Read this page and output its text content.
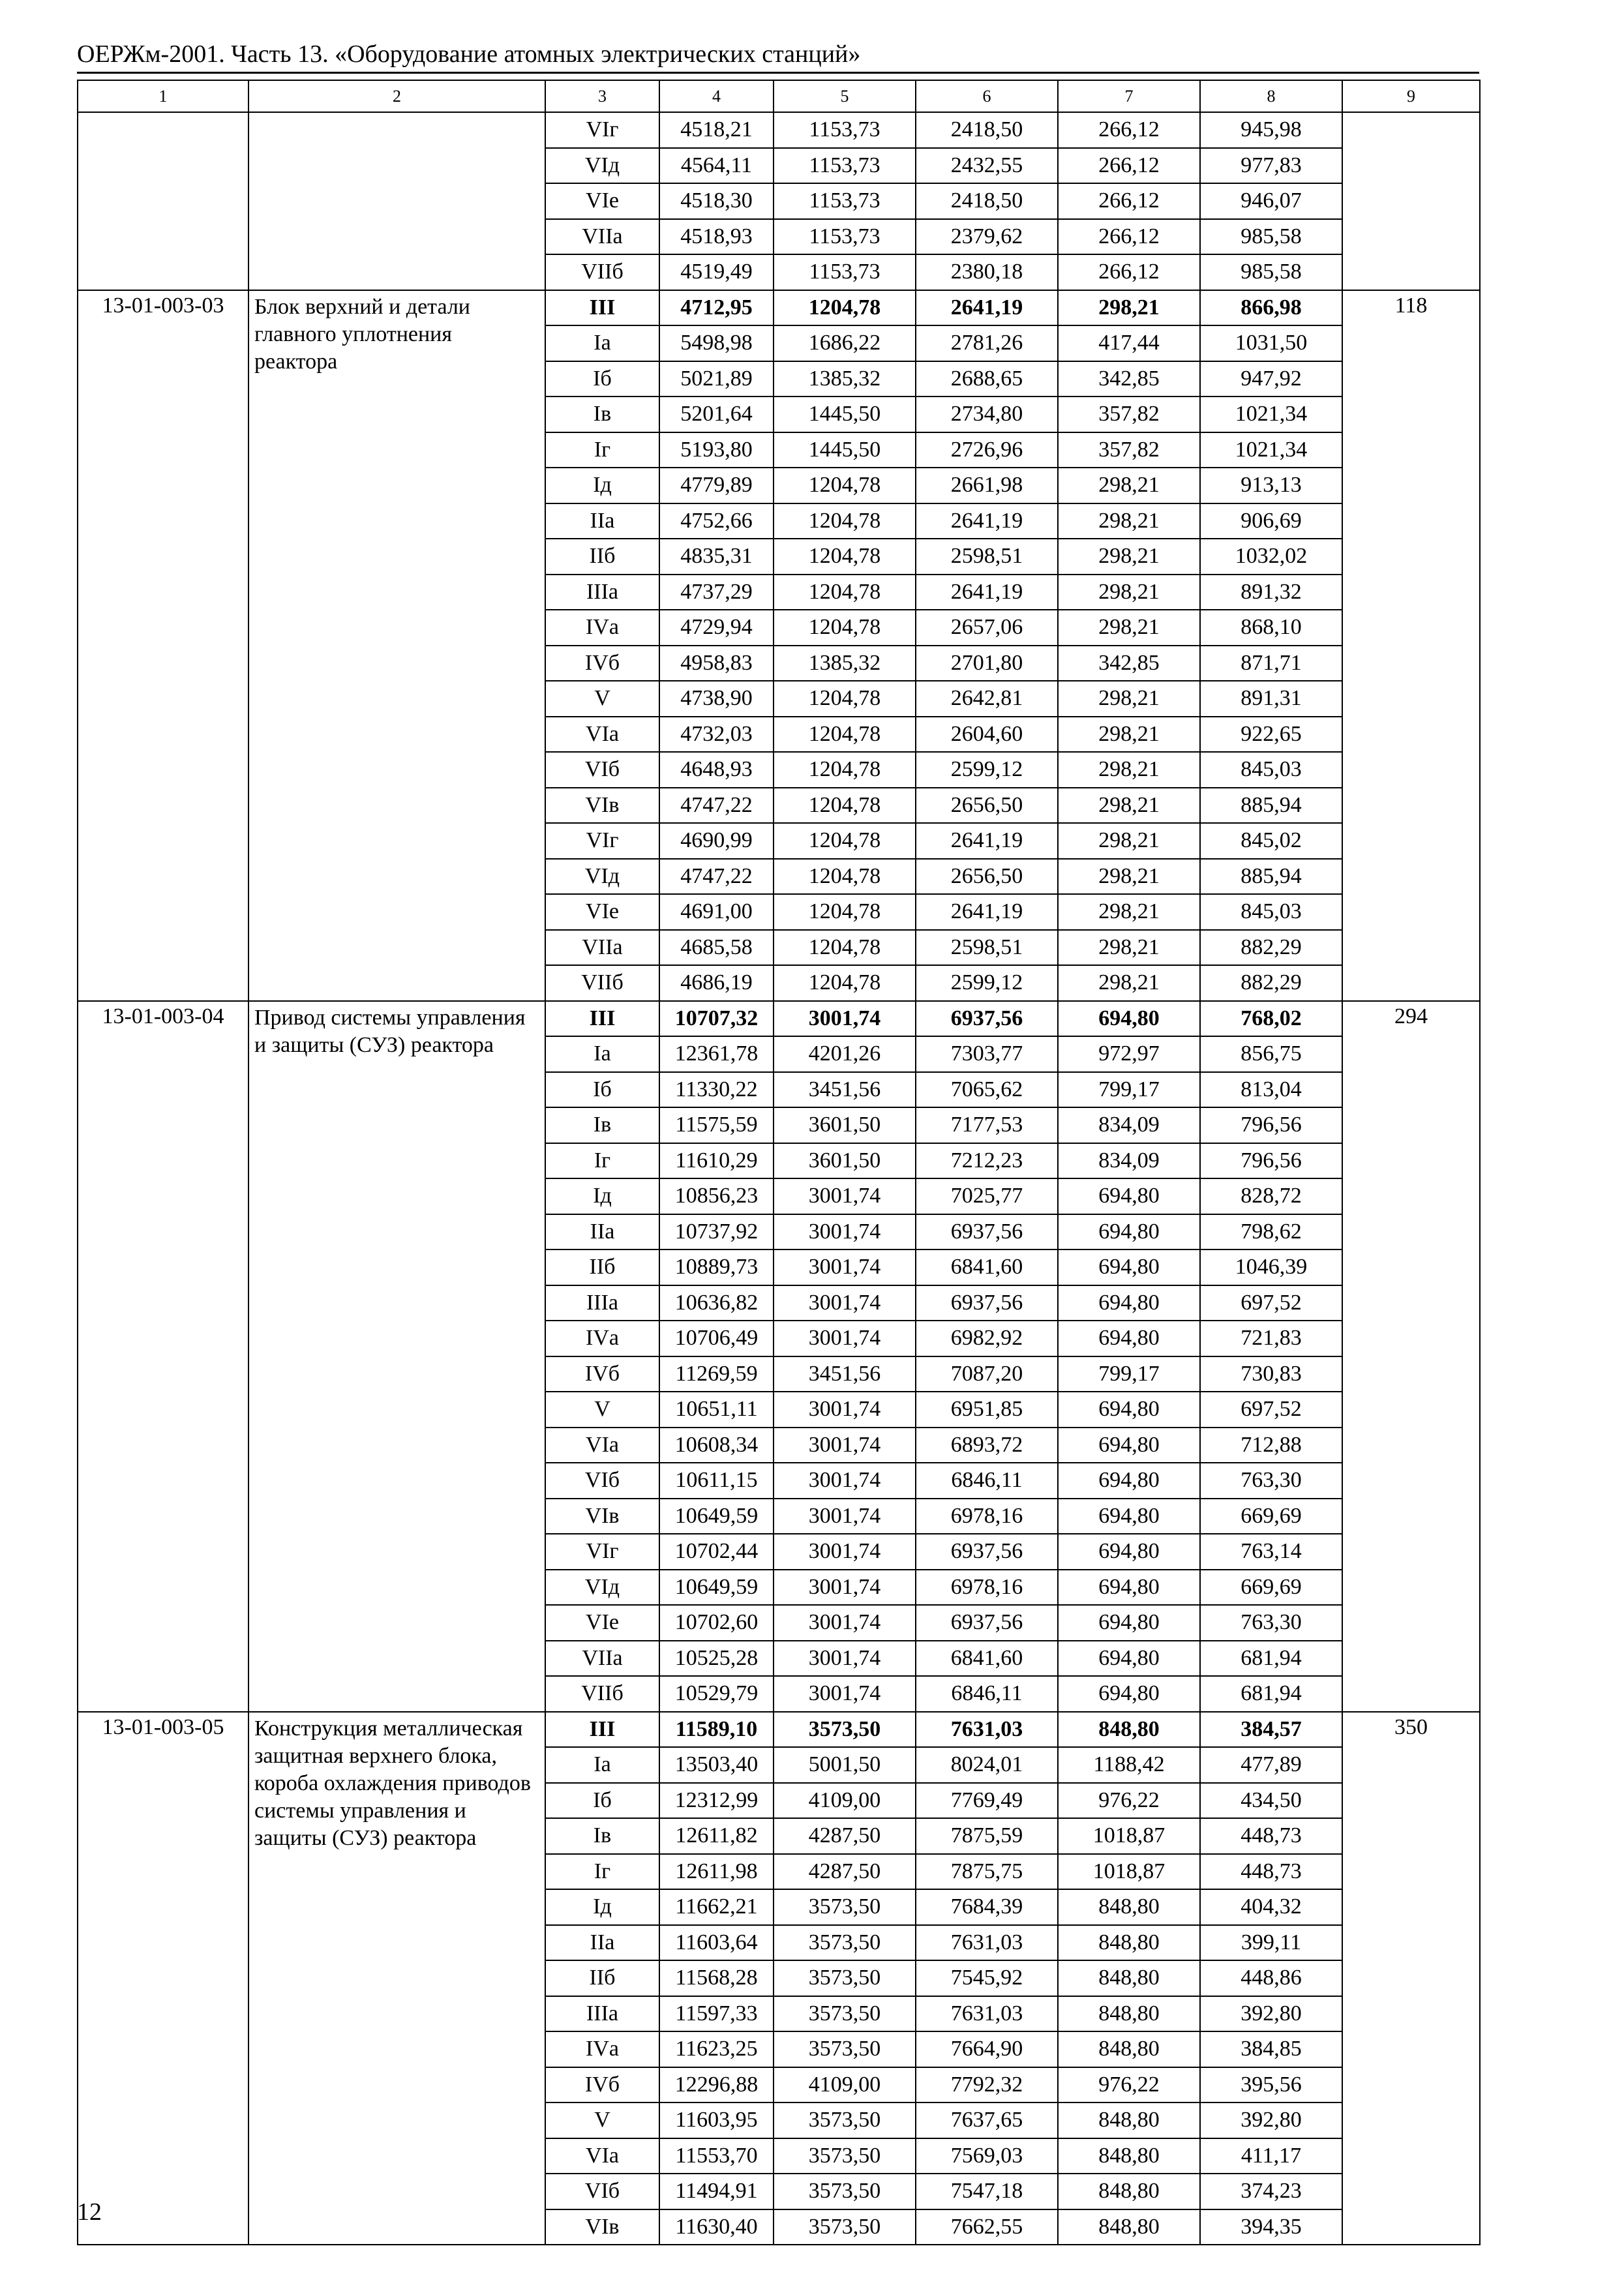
ОЕРЖм-2001. Часть 13. «Оборудование атомных электрических станций»
1	2	3	4	5	6	7	8	9
		VIг	4518,21	1153,73	2418,50	266,12	945,98	
		VIд	4564,11	1153,73	2432,55	266,12	977,83	
		VIе	4518,30	1153,73	2418,50	266,12	946,07	
		VIIа	4518,93	1153,73	2379,62	266,12	985,58	
		VIIб	4519,49	1153,73	2380,18	266,12	985,58	
13-01-003-03	Блок верхний и детали главного уплотнения реактора	III	4712,95	1204,78	2641,19	298,21	866,98	118
		Iа	5498,98	1686,22	2781,26	417,44	1031,50	
		Iб	5021,89	1385,32	2688,65	342,85	947,92	
		Iв	5201,64	1445,50	2734,80	357,82	1021,34	
		Iг	5193,80	1445,50	2726,96	357,82	1021,34	
		Iд	4779,89	1204,78	2661,98	298,21	913,13	
		IIа	4752,66	1204,78	2641,19	298,21	906,69	
		IIб	4835,31	1204,78	2598,51	298,21	1032,02	
		IIIа	4737,29	1204,78	2641,19	298,21	891,32	
		IVа	4729,94	1204,78	2657,06	298,21	868,10	
		IVб	4958,83	1385,32	2701,80	342,85	871,71	
		V	4738,90	1204,78	2642,81	298,21	891,31	
		VIа	4732,03	1204,78	2604,60	298,21	922,65	
		VIб	4648,93	1204,78	2599,12	298,21	845,03	
		VIв	4747,22	1204,78	2656,50	298,21	885,94	
		VIг	4690,99	1204,78	2641,19	298,21	845,02	
		VIд	4747,22	1204,78	2656,50	298,21	885,94	
		VIе	4691,00	1204,78	2641,19	298,21	845,03	
		VIIа	4685,58	1204,78	2598,51	298,21	882,29	
		VIIб	4686,19	1204,78	2599,12	298,21	882,29	
13-01-003-04	Привод системы управления и защиты (СУЗ) реактора	III	10707,32	3001,74	6937,56	694,80	768,02	294
		Iа	12361,78	4201,26	7303,77	972,97	856,75	
		Iб	11330,22	3451,56	7065,62	799,17	813,04	
		Iв	11575,59	3601,50	7177,53	834,09	796,56	
		Iг	11610,29	3601,50	7212,23	834,09	796,56	
		Iд	10856,23	3001,74	7025,77	694,80	828,72	
		IIа	10737,92	3001,74	6937,56	694,80	798,62	
		IIб	10889,73	3001,74	6841,60	694,80	1046,39	
		IIIа	10636,82	3001,74	6937,56	694,80	697,52	
		IVа	10706,49	3001,74	6982,92	694,80	721,83	
		IVб	11269,59	3451,56	7087,20	799,17	730,83	
		V	10651,11	3001,74	6951,85	694,80	697,52	
		VIа	10608,34	3001,74	6893,72	694,80	712,88	
		VIб	10611,15	3001,74	6846,11	694,80	763,30	
		VIв	10649,59	3001,74	6978,16	694,80	669,69	
		VIг	10702,44	3001,74	6937,56	694,80	763,14	
		VIд	10649,59	3001,74	6978,16	694,80	669,69	
		VIе	10702,60	3001,74	6937,56	694,80	763,30	
		VIIа	10525,28	3001,74	6841,60	694,80	681,94	
		VIIб	10529,79	3001,74	6846,11	694,80	681,94	
13-01-003-05	Конструкция металлическая защитная верхнего блока, короба охлаждения приводов системы управления и защиты (СУЗ) реактора	III	11589,10	3573,50	7631,03	848,80	384,57	350
		Iа	13503,40	5001,50	8024,01	1188,42	477,89	
		Iб	12312,99	4109,00	7769,49	976,22	434,50	
		Iв	12611,82	4287,50	7875,59	1018,87	448,73	
		Iг	12611,98	4287,50	7875,75	1018,87	448,73	
		Iд	11662,21	3573,50	7684,39	848,80	404,32	
		IIа	11603,64	3573,50	7631,03	848,80	399,11	
		IIб	11568,28	3573,50	7545,92	848,80	448,86	
		IIIа	11597,33	3573,50	7631,03	848,80	392,80	
		IVа	11623,25	3573,50	7664,90	848,80	384,85	
		IVб	12296,88	4109,00	7792,32	976,22	395,56	
		V	11603,95	3573,50	7637,65	848,80	392,80	
		VIа	11553,70	3573,50	7569,03	848,80	411,17	
		VIб	11494,91	3573,50	7547,18	848,80	374,23	
		VIв	11630,40	3573,50	7662,55	848,80	394,35	
12
